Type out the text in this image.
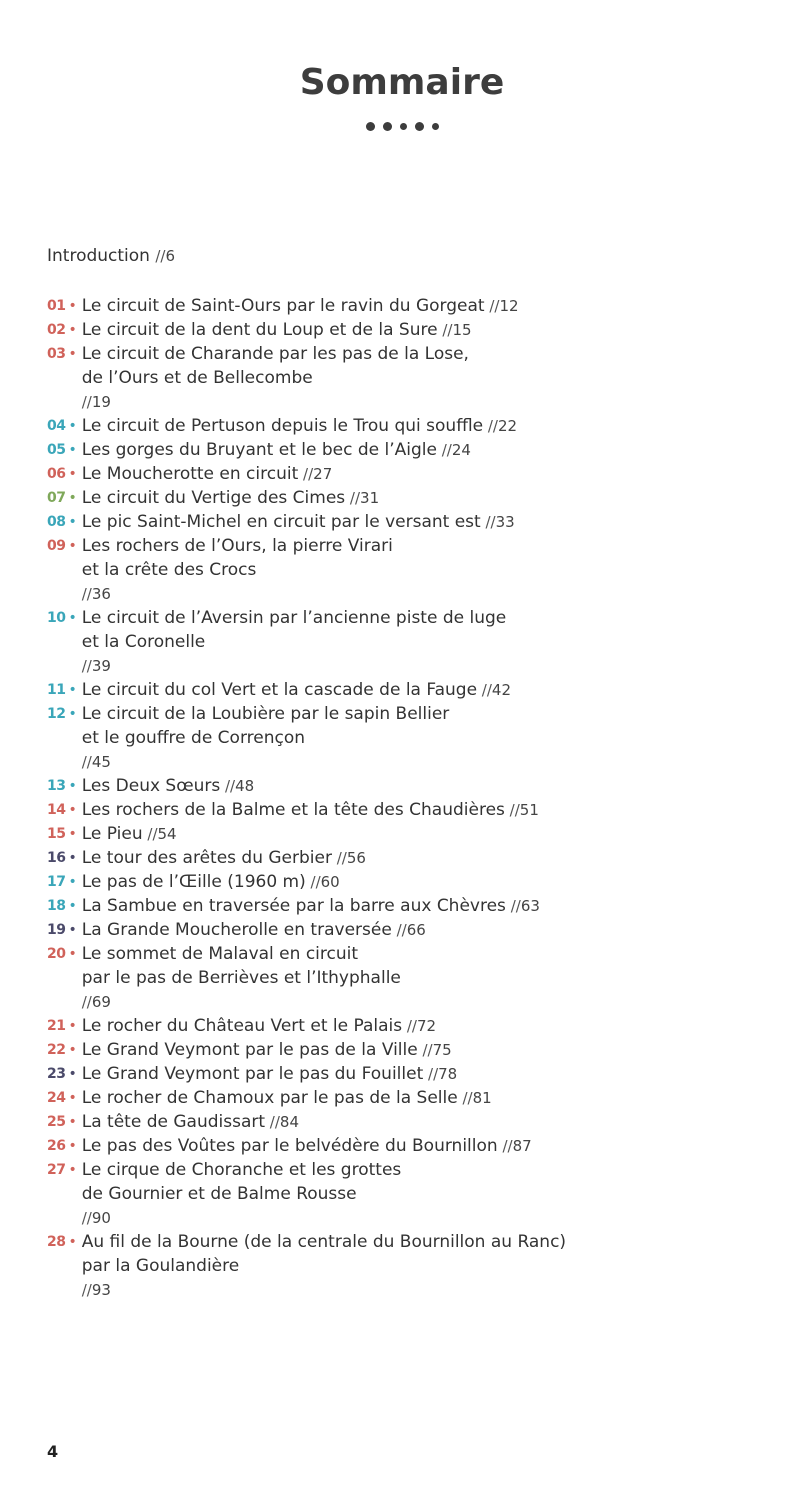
Sommaire
Introduction //6
01 • Le circuit de Saint-Ours par le ravin du Gorgeat //12
02 • Le circuit de la dent du Loup et de la Sure //15
03 • Le circuit de Charande par les pas de la Lose,
de l’Ours et de Bellecombe
//19
04 • Le circuit de Pertuson depuis le Trou qui souffle //22
05 • Les gorges du Bruyant et le bec de l’Aigle //24
06 • Le Moucherotte en circuit //27
07 • Le circuit du Vertige des Cimes //31
08 • Le pic Saint-Michel en circuit par le versant est //33
09 • Les rochers de l’Ours, la pierre Virari
et la crête des Crocs
//36
10 • Le circuit de l’Aversin par l’ancienne piste de luge
et la Coronelle
//39
11 • Le circuit du col Vert et la cascade de la Fauge //42
12 • Le circuit de la Loubière par le sapin Bellier
et le gouffre de Corrençon
//45
13 • Les Deux Sœurs //48
14 • Les rochers de la Balme et la tête des Chaudières //51
15 • Le Pieu //54
16 • Le tour des arêtes du Gerbier //56
17 • Le pas de l’Œille (1960 m) //60
18 • La Sambue en traversée par la barre aux Chèvres //63
19 • La Grande Moucherolle en traversée //66
20 • Le sommet de Malaval en circuit
par le pas de Berrièves et l’Ithyphalle
//69
21 • Le rocher du Château Vert et le Palais //72
22 • Le Grand Veymont par le pas de la Ville //75
23 • Le Grand Veymont par le pas du Fouillet //78
24 • Le rocher de Chamoux par le pas de la Selle //81
25 • La tête de Gaudissart //84
26 • Le pas des Voûtes par le belvédère du Bournillon //87
27 • Le cirque de Choranche et les grottes
de Gournier et de Balme Rousse
//90
28 • Au fil de la Bourne (de la centrale du Bournillon au Ranc)
par la Goulandière
//93
4
